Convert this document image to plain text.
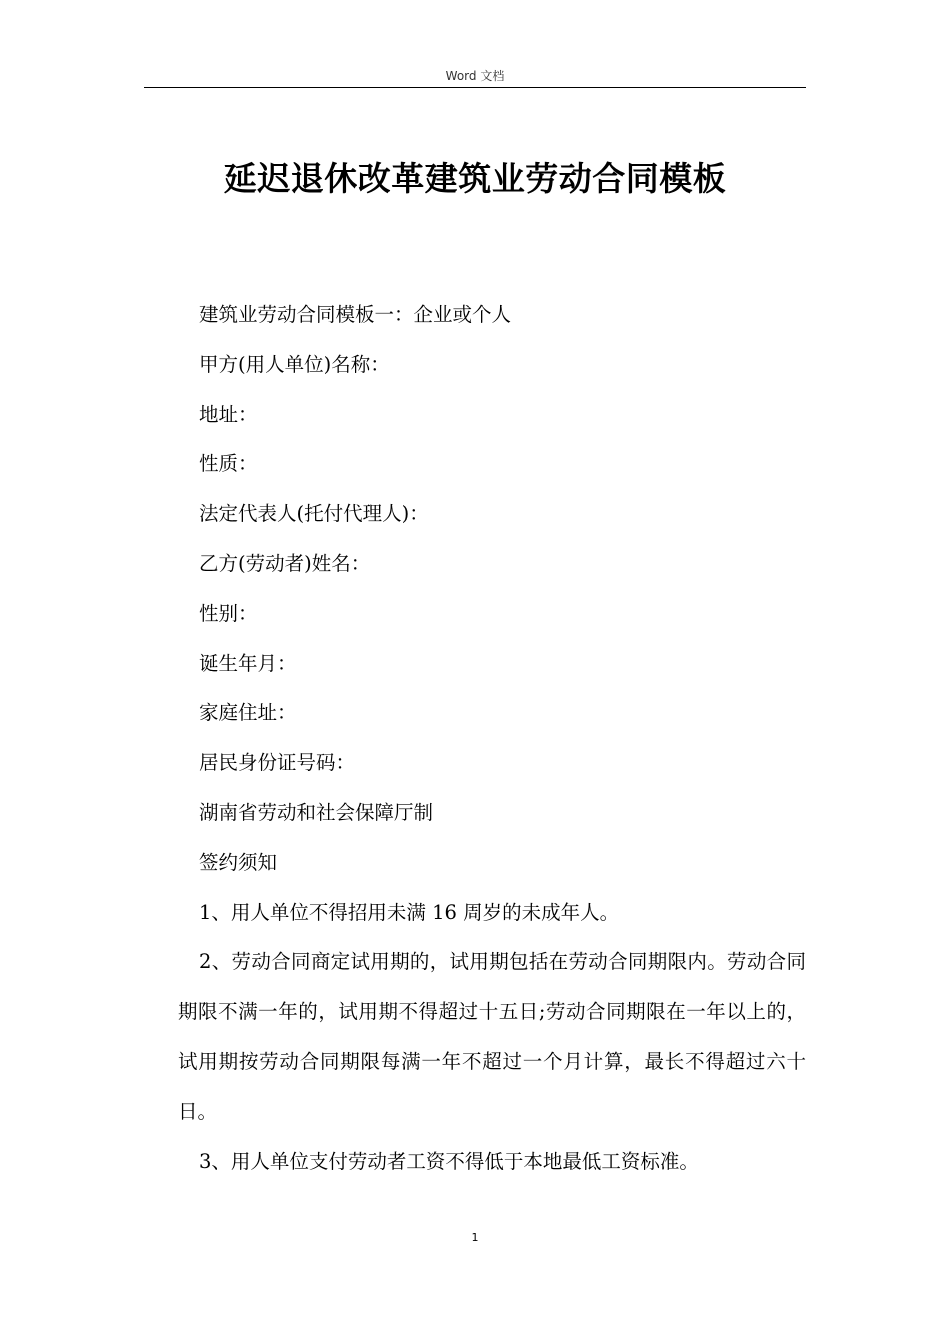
Word 文档
延迟退休改革建筑业劳动合同模板

建筑业劳动合同模板一：企业或个人

甲方(用人单位)名称：

地址：

性质：

法定代表人(托付代理人)：

乙方(劳动者)姓名：

性别：

诞生年月：

家庭住址：

居民身份证号码：

湖南省劳动和社会保障厅制

签约须知

1、用人单位不得招用未满 16 周岁的未成年人。

2、劳动合同商定试用期的，试用期包括在劳动合同期限内。劳动合同期限不满一年的，试用期不得超过十五日;劳动合同期限在一年以上的，试用期按劳动合同期限每满一年不超过一个月计算，最长不得超过六十日。

3、用人单位支付劳动者工资不得低于本地最低工资标准。

1
